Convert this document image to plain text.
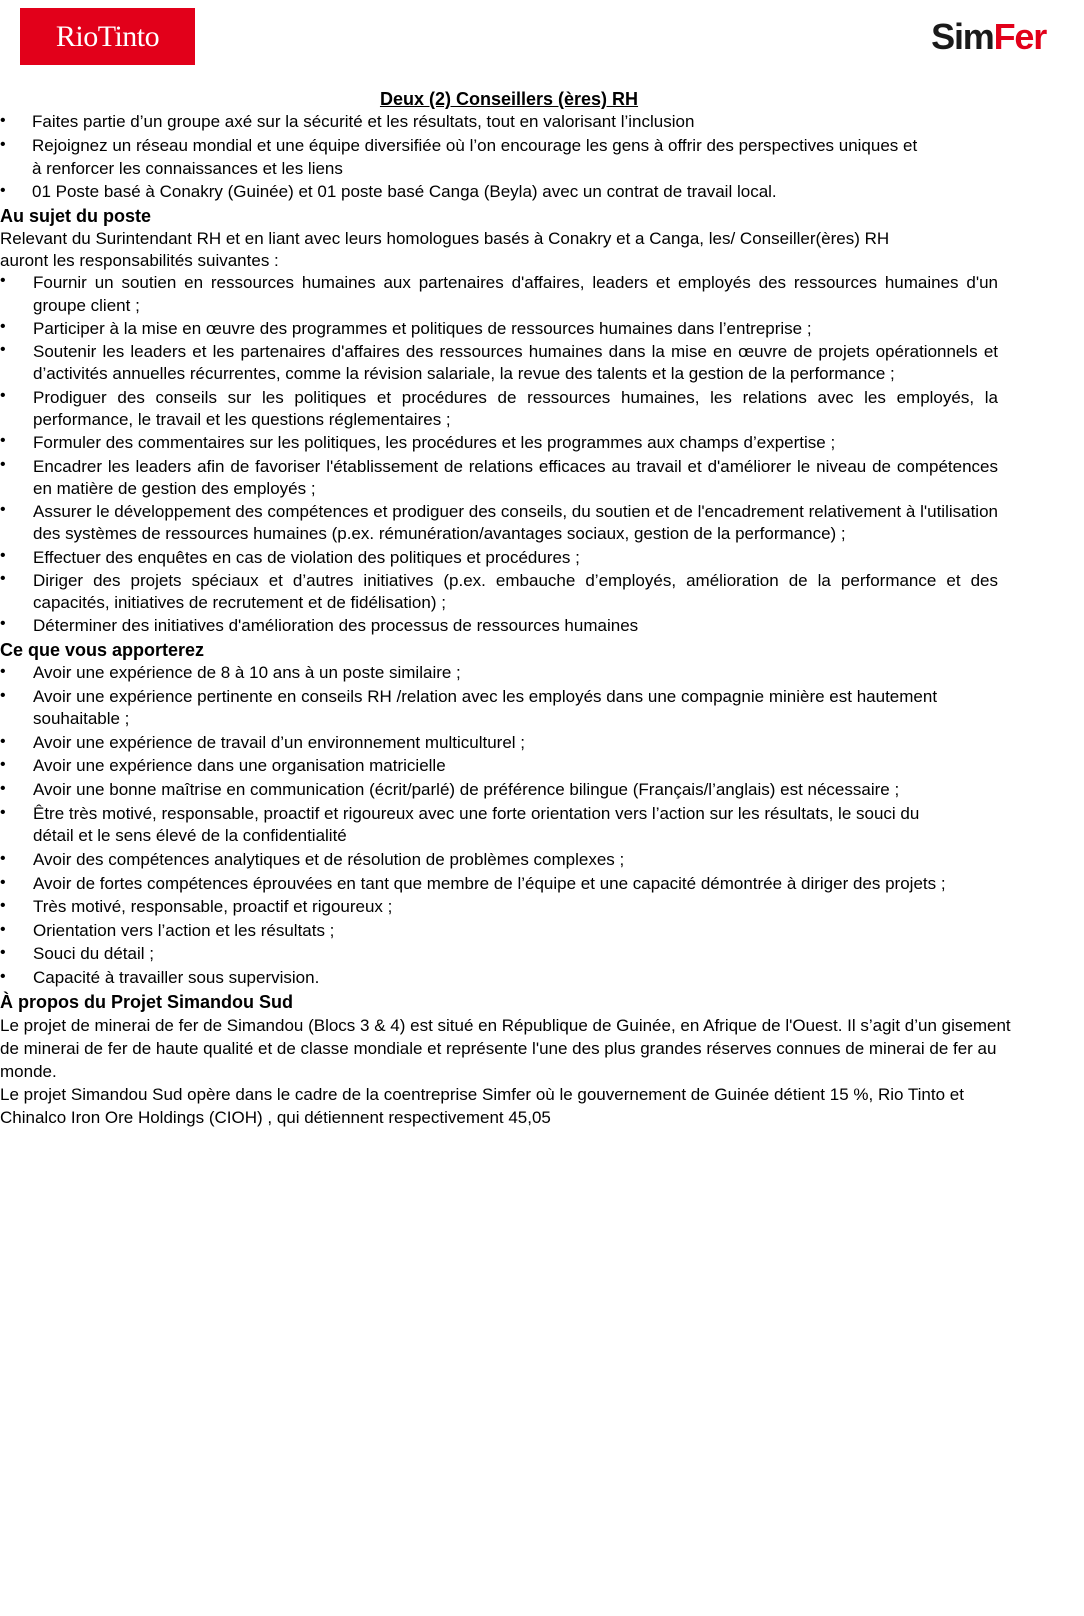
RioTinto	SimFer
Deux (2) Conseillers (ères) RH
• Faites partie d’un groupe axé sur la sécurité et les résultats, tout en valorisant l’inclusion
• Rejoignez un réseau mondial et une équipe diversifiée où l’on encourage les gens à offrir des perspectives uniques et à renforcer les connaissances et les liens
• 01 Poste basé à Conakry (Guinée) et 01 poste basé Canga (Beyla) avec un contrat de travail local.
Au sujet du poste

Relevant du Surintendant RH et en liant avec leurs homologues basés à Conakry et a Canga, les/ Conseiller(ères) RH auront les responsabilités suivantes :

• Fournir un soutien en ressources humaines aux partenaires d'affaires, leaders et employés des ressources humaines d'un groupe client ;
• Participer à la mise en œuvre des programmes et politiques de ressources humaines dans l’entreprise ;
• Soutenir les leaders et les partenaires d'affaires des ressources humaines dans la mise en œuvre de projets opérationnels et d’activités annuelles récurrentes, comme la révision salariale, la revue des talents et la gestion de la performance ;
• Prodiguer des conseils sur les politiques et procédures de ressources humaines, les relations avec les employés, la performance, le travail et les questions réglementaires ;
• Formuler des commentaires sur les politiques, les procédures et les programmes aux champs d’expertise ;
• Encadrer les leaders afin de favoriser l'établissement de relations efficaces au travail et d'améliorer le niveau de compétences en matière de gestion des employés ;
• Assurer le développement des compétences et prodiguer des conseils, du soutien et de l'encadrement relativement à l'utilisation des systèmes de ressources humaines (p.ex. rémunération/avantages sociaux, gestion de la performance) ;
• Effectuer des enquêtes en cas de violation des politiques et procédures ;
• Diriger des projets spéciaux et d’autres initiatives (p.ex. embauche d’employés, amélioration de la performance et des capacités, initiatives de recrutement et de fidélisation) ;
• Déterminer des initiatives d'amélioration des processus de ressources humaines
Ce que vous apporterez
• Avoir une expérience de 8 à 10 ans à un poste similaire ;
• Avoir une expérience pertinente en conseils RH /relation avec les employés dans une compagnie minière est hautement souhaitable ;
• Avoir une expérience de travail d’un environnement multiculturel ;
• Avoir une expérience dans une organisation matricielle
• Avoir une bonne maîtrise en communication (écrit/parlé) de préférence bilingue (Français/l’anglais) est nécessaire ;
• Être très motivé, responsable, proactif et rigoureux avec une forte orientation vers l’action sur les résultats, le souci du détail et le sens élevé de la confidentialité
• Avoir des compétences analytiques et de résolution de problèmes complexes ;
• Avoir de fortes compétences éprouvées en tant que membre de l’équipe et une capacité démontrée à diriger des projets ;
• Très motivé, responsable, proactif et rigoureux ;
• Orientation vers l’action et les résultats ;
• Souci du détail ;
• Capacité à travailler sous supervision.
À propos du Projet Simandou Sud

Le projet de minerai de fer de Simandou (Blocs 3 & 4) est situé en République de Guinée, en Afrique de l'Ouest. Il s’agit d’un gisement de minerai de fer de haute qualité et de classe mondiale et représente l'une des plus grandes réserves connues de minerai de fer au monde.

Le projet Simandou Sud opère dans le cadre de la coentreprise Simfer où le gouvernement de Guinée détient 15 %, Rio Tinto et Chinalco Iron Ore Holdings (CIOH) , qui détiennent respectivement 45,05
